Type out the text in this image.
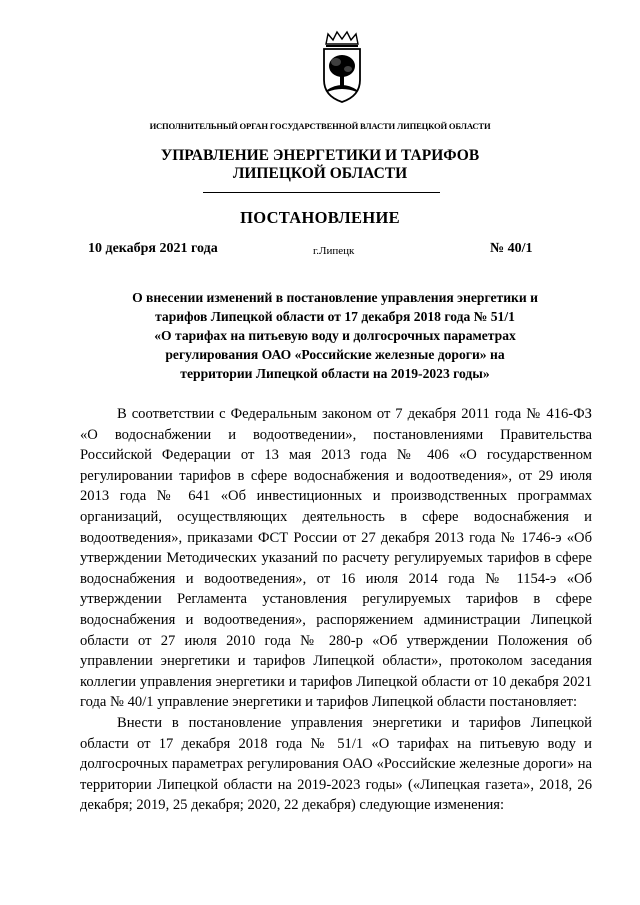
ИСПОЛНИТЕЛЬНЫЙ ОРГАН ГОСУДАРСТВЕННОЙ ВЛАСТИ ЛИПЕЦКОЙ ОБЛАСТИ
УПРАВЛЕНИЕ ЭНЕРГЕТИКИ И ТАРИФОВ
ЛИПЕЦКОЙ ОБЛАСТИ
ПОСТАНОВЛЕНИЕ
10 декабря 2021 года	г.Липецк	№ 40/1
О внесении изменений в постановление управления энергетики и
тарифов Липецкой области от 17 декабря 2018 года № 51/1
«О тарифах на питьевую воду и долгосрочных параметрах
регулирования ОАО «Российские железные дороги» на
территории Липецкой области на 2019-2023 годы»

В соответствии с Федеральным законом от 7 декабря 2011 года № 416-ФЗ «О водоснабжении и водоотведении», постановлениями Правительства Российской Федерации от 13 мая 2013 года № 406 «О государственном регулировании тарифов в сфере водоснабжения и водоотведения», от 29 июля 2013 года № 641 «Об инвестиционных и производственных программах организаций, осуществляющих деятельность в сфере водоснабжения и водоотведения», приказами ФСТ России от 27 декабря 2013 года № 1746-э «Об утверждении Методических указаний по расчету регулируемых тарифов в сфере водоснабжения и водоотведения», от 16 июля 2014 года № 1154-э «Об утверждении Регламента установления регулируемых тарифов в сфере водоснабжения и водоотведения», распоряжением администрации Липецкой области от 27 июля 2010 года № 280-р «Об утверждении Положения об управлении энергетики и тарифов Липецкой области», протоколом заседания коллегии управления энергетики и тарифов Липецкой области от 10 декабря 2021 года № 40/1 управление энергетики и тарифов Липецкой области постановляет:

Внести в постановление управления энергетики и тарифов Липецкой области от 17 декабря 2018 года № 51/1 «О тарифах на питьевую воду и долгосрочных параметрах регулирования ОАО «Российские железные дороги» на территории Липецкой области на 2019-2023 годы» («Липецкая газета», 2018, 26 декабря; 2019, 25 декабря; 2020, 22 декабря) следующие изменения:
